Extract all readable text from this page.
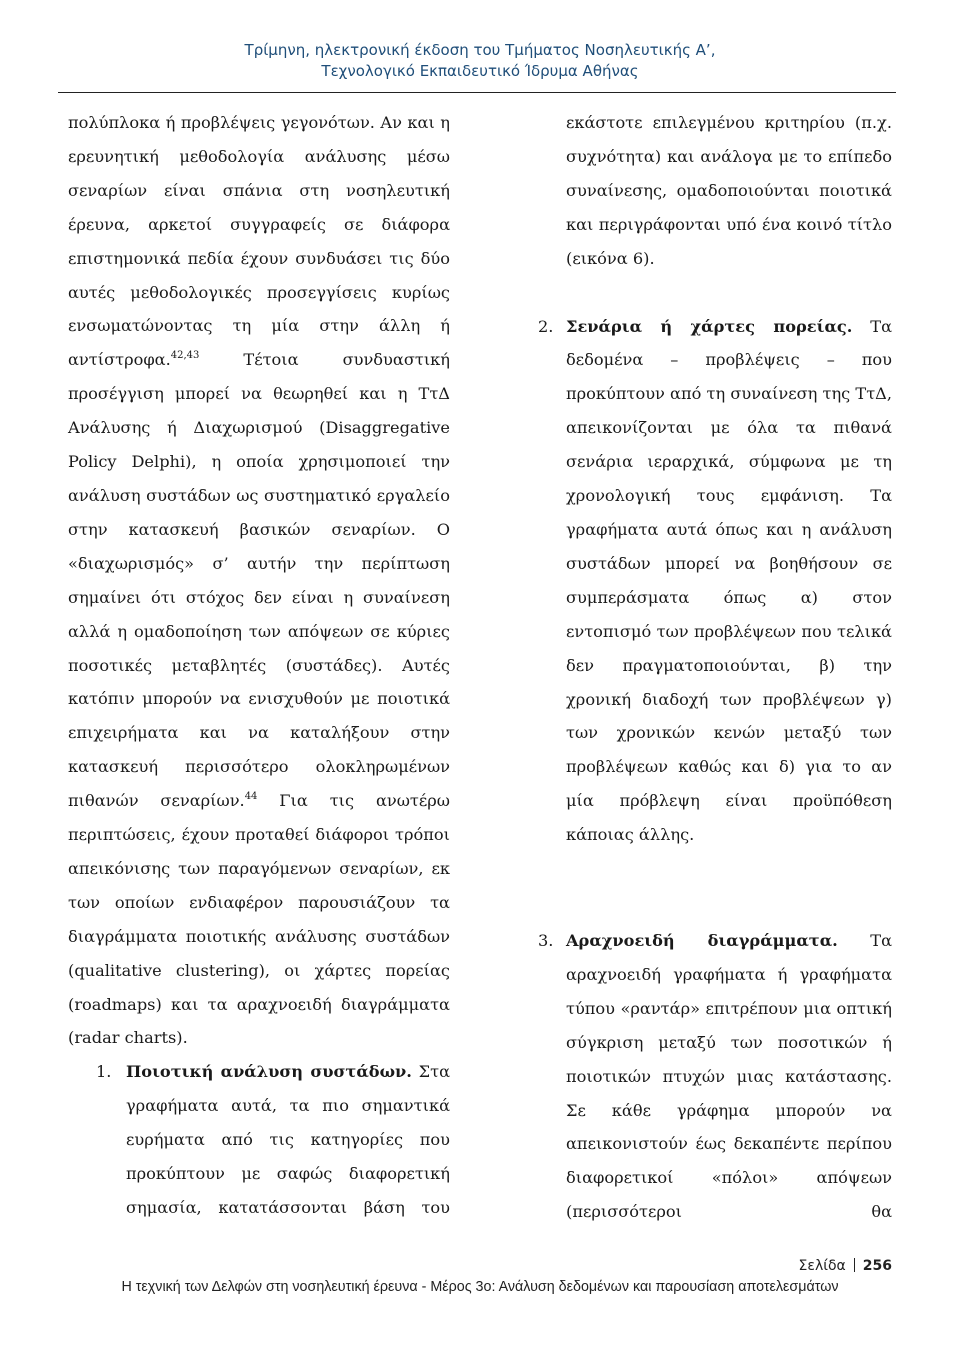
Τρίμηνη, ηλεκτρονική έκδοση του Τμήματος Νοσηλευτικής Α’,
Τεχνολογικό Εκπαιδευτικό Ίδρυμα Αθήνας

πολύπλοκα ή προβλέψεις γεγονότων. Αν και η ερευνητική μεθοδολογία ανάλυσης μέσω σεναρίων είναι σπάνια στη νοσηλευτική έρευνα, αρκετοί συγγραφείς σε διάφορα επιστημονικά πεδία έχουν συνδυάσει τις δύο αυτές μεθοδολογικές προσεγγίσεις κυρίως ενσωματώνοντας τη μία στην άλλη ή αντίστροφα.$^{42,43}$ Τέτοια συνδυαστική προσέγγιση μπορεί να θεωρηθεί και η ΤτΔ Ανάλυσης ή Διαχωρισμού (Disaggregative Policy Delphi), η οποία χρησιμοποιεί την ανάλυση συστάδων ως συστηματικό εργαλείο στην κατασκευή βασικών σεναρίων. Ο «διαχωρισμός» σ’ αυτήν την περίπτωση σημαίνει ότι στόχος δεν είναι η συναίνεση αλλά η ομαδοποίηση των απόψεων σε κύριες ποσοτικές μεταβλητές (συστάδες). Αυτές κατόπιν μπορούν να ενισχυθούν με ποιοτικά επιχειρήματα και να καταλήξουν στην κατασκευή περισσότερο ολοκληρωμένων πιθανών σεναρίων.$^{44}$ Για τις ανωτέρω περιπτώσεις, έχουν προταθεί διάφοροι τρόποι απεικόνισης των παραγόμενων σεναρίων, εκ των οποίων ενδιαφέρον παρουσιάζουν τα διαγράμματα ποιοτικής ανάλυσης συστάδων (qualitative clustering), οι χάρτες πορείας (roadmaps) και τα αραχνοειδή διαγράμματα (radar charts).

1. Ποιοτική ανάλυση συστάδων. Στα γραφήματα αυτά, τα πιο σημαντικά ευρήματα από τις κατηγορίες που προκύπτουν με σαφώς διαφορετική σημασία, κατατάσσονται βάση του

εκάστοτε επιλεγμένου κριτηρίου (π.χ. συχνότητα) και ανάλογα με το επίπεδο συναίνεσης, ομαδοποιούνται ποιοτικά και περιγράφονται υπό ένα κοινό τίτλο (εικόνα 6).

2. Σενάρια ή χάρτες πορείας. Τα δεδομένα – προβλέψεις – που προκύπτουν από τη συναίνεση της ΤτΔ, απεικονίζονται με όλα τα πιθανά σενάρια ιεραρχικά, σύμφωνα με τη χρονολογική τους εμφάνιση. Τα γραφήματα αυτά όπως και η ανάλυση συστάδων μπορεί να βοηθήσουν σε συμπεράσματα όπως α) στον εντοπισμό των προβλέψεων που τελικά δεν πραγματοποιούνται, β) την χρονική διαδοχή των προβλέψεων γ) των χρονικών κενών μεταξύ των προβλέψεων καθώς και δ) για το αν μία πρόβλεψη είναι προϋπόθεση κάποιας άλλης.

3. Αραχνοειδή διαγράμματα. Τα αραχνοειδή γραφήματα ή γραφήματα τύπου «ραντάρ» επιτρέπουν μια οπτική σύγκριση μεταξύ των ποσοτικών ή ποιοτικών πτυχών μιας κατάστασης. Σε κάθε γράφημα μπορούν να απεικονιστούν έως δεκαπέντε περίπου διαφορετικοί «πόλοι» απόψεων (περισσότεροι θα

Σελίδα 256
Η τεχνική των Δελφών στη νοσηλευτική έρευνα - Μέρος 3ο: Ανάλυση δεδομένων και παρουσίαση αποτελεσμάτων
